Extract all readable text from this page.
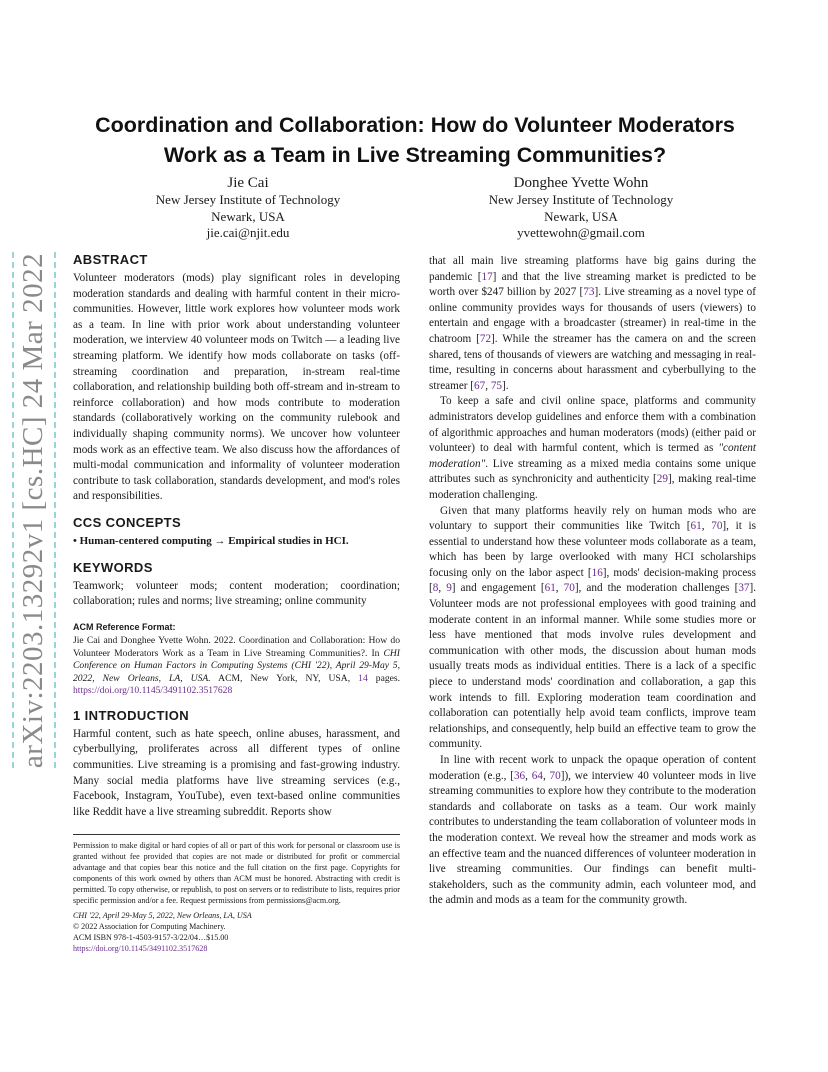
arXiv:2203.13292v1 [cs.HC] 24 Mar 2022
Coordination and Collaboration: How do Volunteer Moderators
Work as a Team in Live Streaming Communities?
Jie Cai
New Jersey Institute of Technology
Newark, USA
jie.cai@njit.edu
Donghee Yvette Wohn
New Jersey Institute of Technology
Newark, USA
yvettewohn@gmail.com
ABSTRACT

Volunteer moderators (mods) play significant roles in developing moderation standards and dealing with harmful content in their micro-communities. However, little work explores how volunteer mods work as a team. In line with prior work about understanding volunteer moderation, we interview 40 volunteer mods on Twitch — a leading live streaming platform. We identify how mods collaborate on tasks (off-streaming coordination and preparation, in-stream real-time collaboration, and relationship building both off-stream and in-stream to reinforce collaboration) and how mods contribute to moderation standards (collaboratively working on the community rulebook and individually shaping community norms). We uncover how volunteer mods work as an effective team. We also discuss how the affordances of multi-modal communication and informality of volunteer moderation contribute to task collaboration, standards development, and mod's roles and responsibilities.

CCS CONCEPTS

• Human-centered computing → Empirical studies in HCI.

KEYWORDS

Teamwork; volunteer mods; content moderation; coordination; collaboration; rules and norms; live streaming; online community

ACM Reference Format:

Jie Cai and Donghee Yvette Wohn. 2022. Coordination and Collaboration: How do Volunteer Moderators Work as a Team in Live Streaming Communities?. In CHI Conference on Human Factors in Computing Systems (CHI '22), April 29-May 5, 2022, New Orleans, LA, USA. ACM, New York, NY, USA, 14 pages. https://doi.org/10.1145/3491102.3517628

1 INTRODUCTION

Harmful content, such as hate speech, online abuses, harassment, and cyberbullying, proliferates across all different types of online communities. Live streaming is a promising and fast-growing industry. Many social media platforms have live streaming services (e.g., Facebook, Instagram, YouTube), even text-based online communities like Reddit have a live streaming subreddit. Reports show

Permission to make digital or hard copies of all or part of this work for personal or classroom use is granted without fee provided that copies are not made or distributed for profit or commercial advantage and that copies bear this notice and the full citation on the first page. Copyrights for components of this work owned by others than ACM must be honored. Abstracting with credit is permitted. To copy otherwise, or republish, to post on servers or to redistribute to lists, requires prior specific permission and/or a fee. Request permissions from permissions@acm.org.
CHI '22, April 29-May 5, 2022, New Orleans, LA, USA
© 2022 Association for Computing Machinery.
ACM ISBN 978-1-4503-9157-3/22/04…$15.00
https://doi.org/10.1145/3491102.3517628

that all main live streaming platforms have big gains during the pandemic [17] and that the live streaming market is predicted to be worth over $247 billion by 2027 [73]. Live streaming as a novel type of online community provides ways for thousands of users (viewers) to entertain and engage with a broadcaster (streamer) in real-time in the chatroom [72]. While the streamer has the camera on and the screen shared, tens of thousands of viewers are watching and messaging in real-time, resulting in concerns about harassment and cyberbullying to the streamer [67, 75].

To keep a safe and civil online space, platforms and community administrators develop guidelines and enforce them with a combination of algorithmic approaches and human moderators (mods) (either paid or volunteer) to deal with harmful content, which is termed as "content moderation". Live streaming as a mixed media contains some unique attributes such as synchronicity and authenticity [29], making real-time moderation challenging.

Given that many platforms heavily rely on human mods who are voluntary to support their communities like Twitch [61, 70], it is essential to understand how these volunteer mods collaborate as a team, which has been by large overlooked with many HCI scholarships focusing only on the labor aspect [16], mods' decision-making process [8, 9] and engagement [61, 70], and the moderation challenges [37]. Volunteer mods are not professional employees with good training and moderate content in an informal manner. While some studies more or less have mentioned that mods involve rules development and communication with other mods, the discussion about human mods usually treats mods as individual entities. There is a lack of a specific piece to understand mods' coordination and collaboration, a gap this work intends to fill. Exploring moderation team coordination and collaboration can potentially help avoid team conflicts, improve team relationships, and consequently, help build an effective team to grow the community.

In line with recent work to unpack the opaque operation of content moderation (e.g., [36, 64, 70]), we interview 40 volunteer mods in live streaming communities to explore how they contribute to the moderation standards and collaborate on tasks as a team. Our work mainly contributes to understanding the team collaboration of volunteer mods in the moderation context. We reveal how the streamer and mods work as an effective team and the nuanced differences of volunteer moderation in live streaming communities. Our findings can benefit multi-stakeholders, such as the community admin, each volunteer mod, and the admin and mods as a team for the community growth.
